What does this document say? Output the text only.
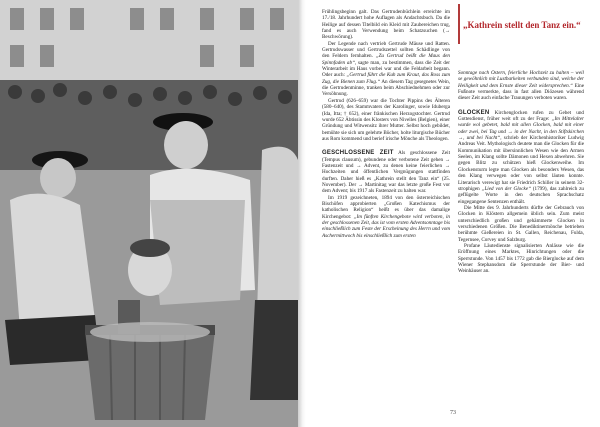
Frühlingsbeginn galt. Das Gertrudenbüchlein erreichte im 17./18. Jahrhundert hohe Auflagen als Andachtsbuch. Da die Heilige auf dessen Titelbild ein Kleid mit Zaubereichen trug, fand es auch Verwendung beim Schatzsuchen (→ Beschwörung).

Der Legende nach vertrieb Gertrude Mäuse und Ratten. Gertrudswasser und Gertrudszettel sollten Schädlinge von den Feldern fernhalten. „Zu Gertrud beißt die Maus den Spinnfaden ab“, sagte man, zu bestimmen, dass die Zeit der Winterarbeit im Haus vorbei war und die Feldarbeit begann. Oder auch: „Gertrud führt die Kuh zum Kraut, das Ross zum Zug, die Bienen zum Flug.“ An diesem Tag gesegnetes Wein, die Gertrudenminne, tranken beim Abschiednehmen oder zur Versöhnung.

Gertrud (626–659) war die Tochter Pippins des Älteren (580–640), des Stammvaters der Karolinger, sowie Iduberga (Ida, Itta; † 652), einer fränkischen Herzogstochter. Gertrud wurde 652 Äbtissin des Klosters von Nivelles (Belgien), einer Gründung und Witwensitz ihrer Mutter. Selbst hoch gebildet, bemühte sie sich um gelehrte Bücher, holte liturgische Bücher aus Rom kommend und berief irische Mönche als Theologen.

GESCHLOSSENE ZEIT Als geschlossene Zeit (Tempus clausum), gebundene oder verbotene Zeit gehen → Fastenzeit und → Advent, zu denen keine feierlichen → Hochzeiten und öffentlichen Vergnügungen stattfinden durften. Daher hieß es „Kathrein stellt den Tanz ein“ (25. November). Der → Martinitag war das letzte große Fest vor dem Advent; bis 1917 als Fastenzeit zu halten war.

Im 1919 gezeichneten, 1894 von den österreichischen Bischöfen approbierten „Großen Katechismus der katholischen Religion“ heißt es über das damalige Kirchengebot: „Im fünften Kirchengebote wird verboten, in der geschlossenen Zeit, das ist vom ersten Adventsonntage bis einschließlich zum Feste der Erscheinung des Herrn und vom Aschermittwoch bis einschließlich zum ersten

„Kathrein stellt den Tanz ein.“

Sonntage nach Ostern, feierliche Hochzeit zu halten – weil se gewöhnlich mit Lustbarkeiten verbunden sind, welche der Heiligkeit und dem Ernste dieser Zeit widersprechen.“ Eine Fußnote vermerkte, dass in fast allen Diözesen während dieser Zeit auch einfache Trauungen verboten waren.

GLOCKEN Kirchenglocken rufen zu Gebet und Gottesdienst, früher weit oft zu der Frage: „Im Mittelalter wurde wol gebetet, bald mit allen Glocken, bald mit einer oder zwei, bei Tag und → in der Nacht, in den Stiftskirchen →, und bei Nacht“, schrieb der Kirchenhistoriker Ludwig Andreas Veit. Mythologisch deutete man die Glocken für die Kommunikation mit übersinnlichen Wesen wie den Armen Seelen, im Klang sollte Dämonen und Hexen abwehren. Sie gegen Blitz zu schützen hieß Glockenweihe. Im Glockensturm legte man Glocken als besonders Wesen, das den Klang verwegen oder von selbst läuten konnte. Literarisch verewigt hat sie Friedrich Schiller in seinem 32-strophigen „Lied von der Glocke“ (1799), das zahlreich zu geflügelte Worte in den deutschen Sprachschatz eingegangene Sentenzen enthält.

Die Mitte des 9. Jahrhunderts dürfte der Gebrauch von Glocken in Klöstern allgemein üblich sein. Zum meist unterschiedlich großen und gehämmerte Glocken in verschiedenen Größen. Die Benediktinermönche betrieben berühmte Gießereien in St. Gallen, Reichenau, Fulda, Tegernsee, Corvey und Salzburg.

Profane Läutedienste signalisierten Anlässe wie die Eröffnung eines Marktes, Hinrichtungen oder die Sperrstunde. Von 1457 bis 1772 gab die Bierglocke auf dem Wiener Stephansdom die Sperrstunde der Bier- und Weinhäuser an.

73
